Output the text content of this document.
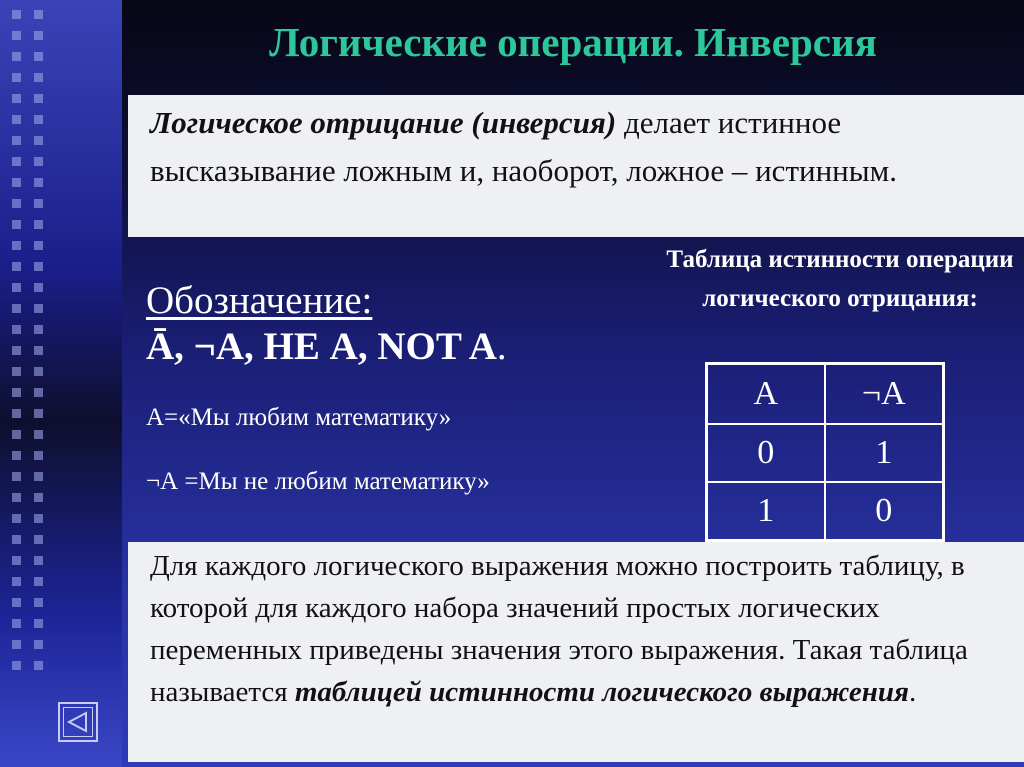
Логические операции. Инверсия
Логическое отрицание (инверсия) делает истинное высказывание ложным и, наоборот, ложное – истинным.
Обозначение:
Ā, ¬А, НЕ А, NOT A.
А=«Мы любим математику»
¬А =Мы не любим математику»
Таблица истинности операции логического отрицания:
A	¬A
0	1
1	0
Для каждого логического выражения можно построить таблицу, в которой для каждого набора значений простых логических переменных приведены значения этого выражения. Такая таблица называется таблицей истинности логического выражения.
